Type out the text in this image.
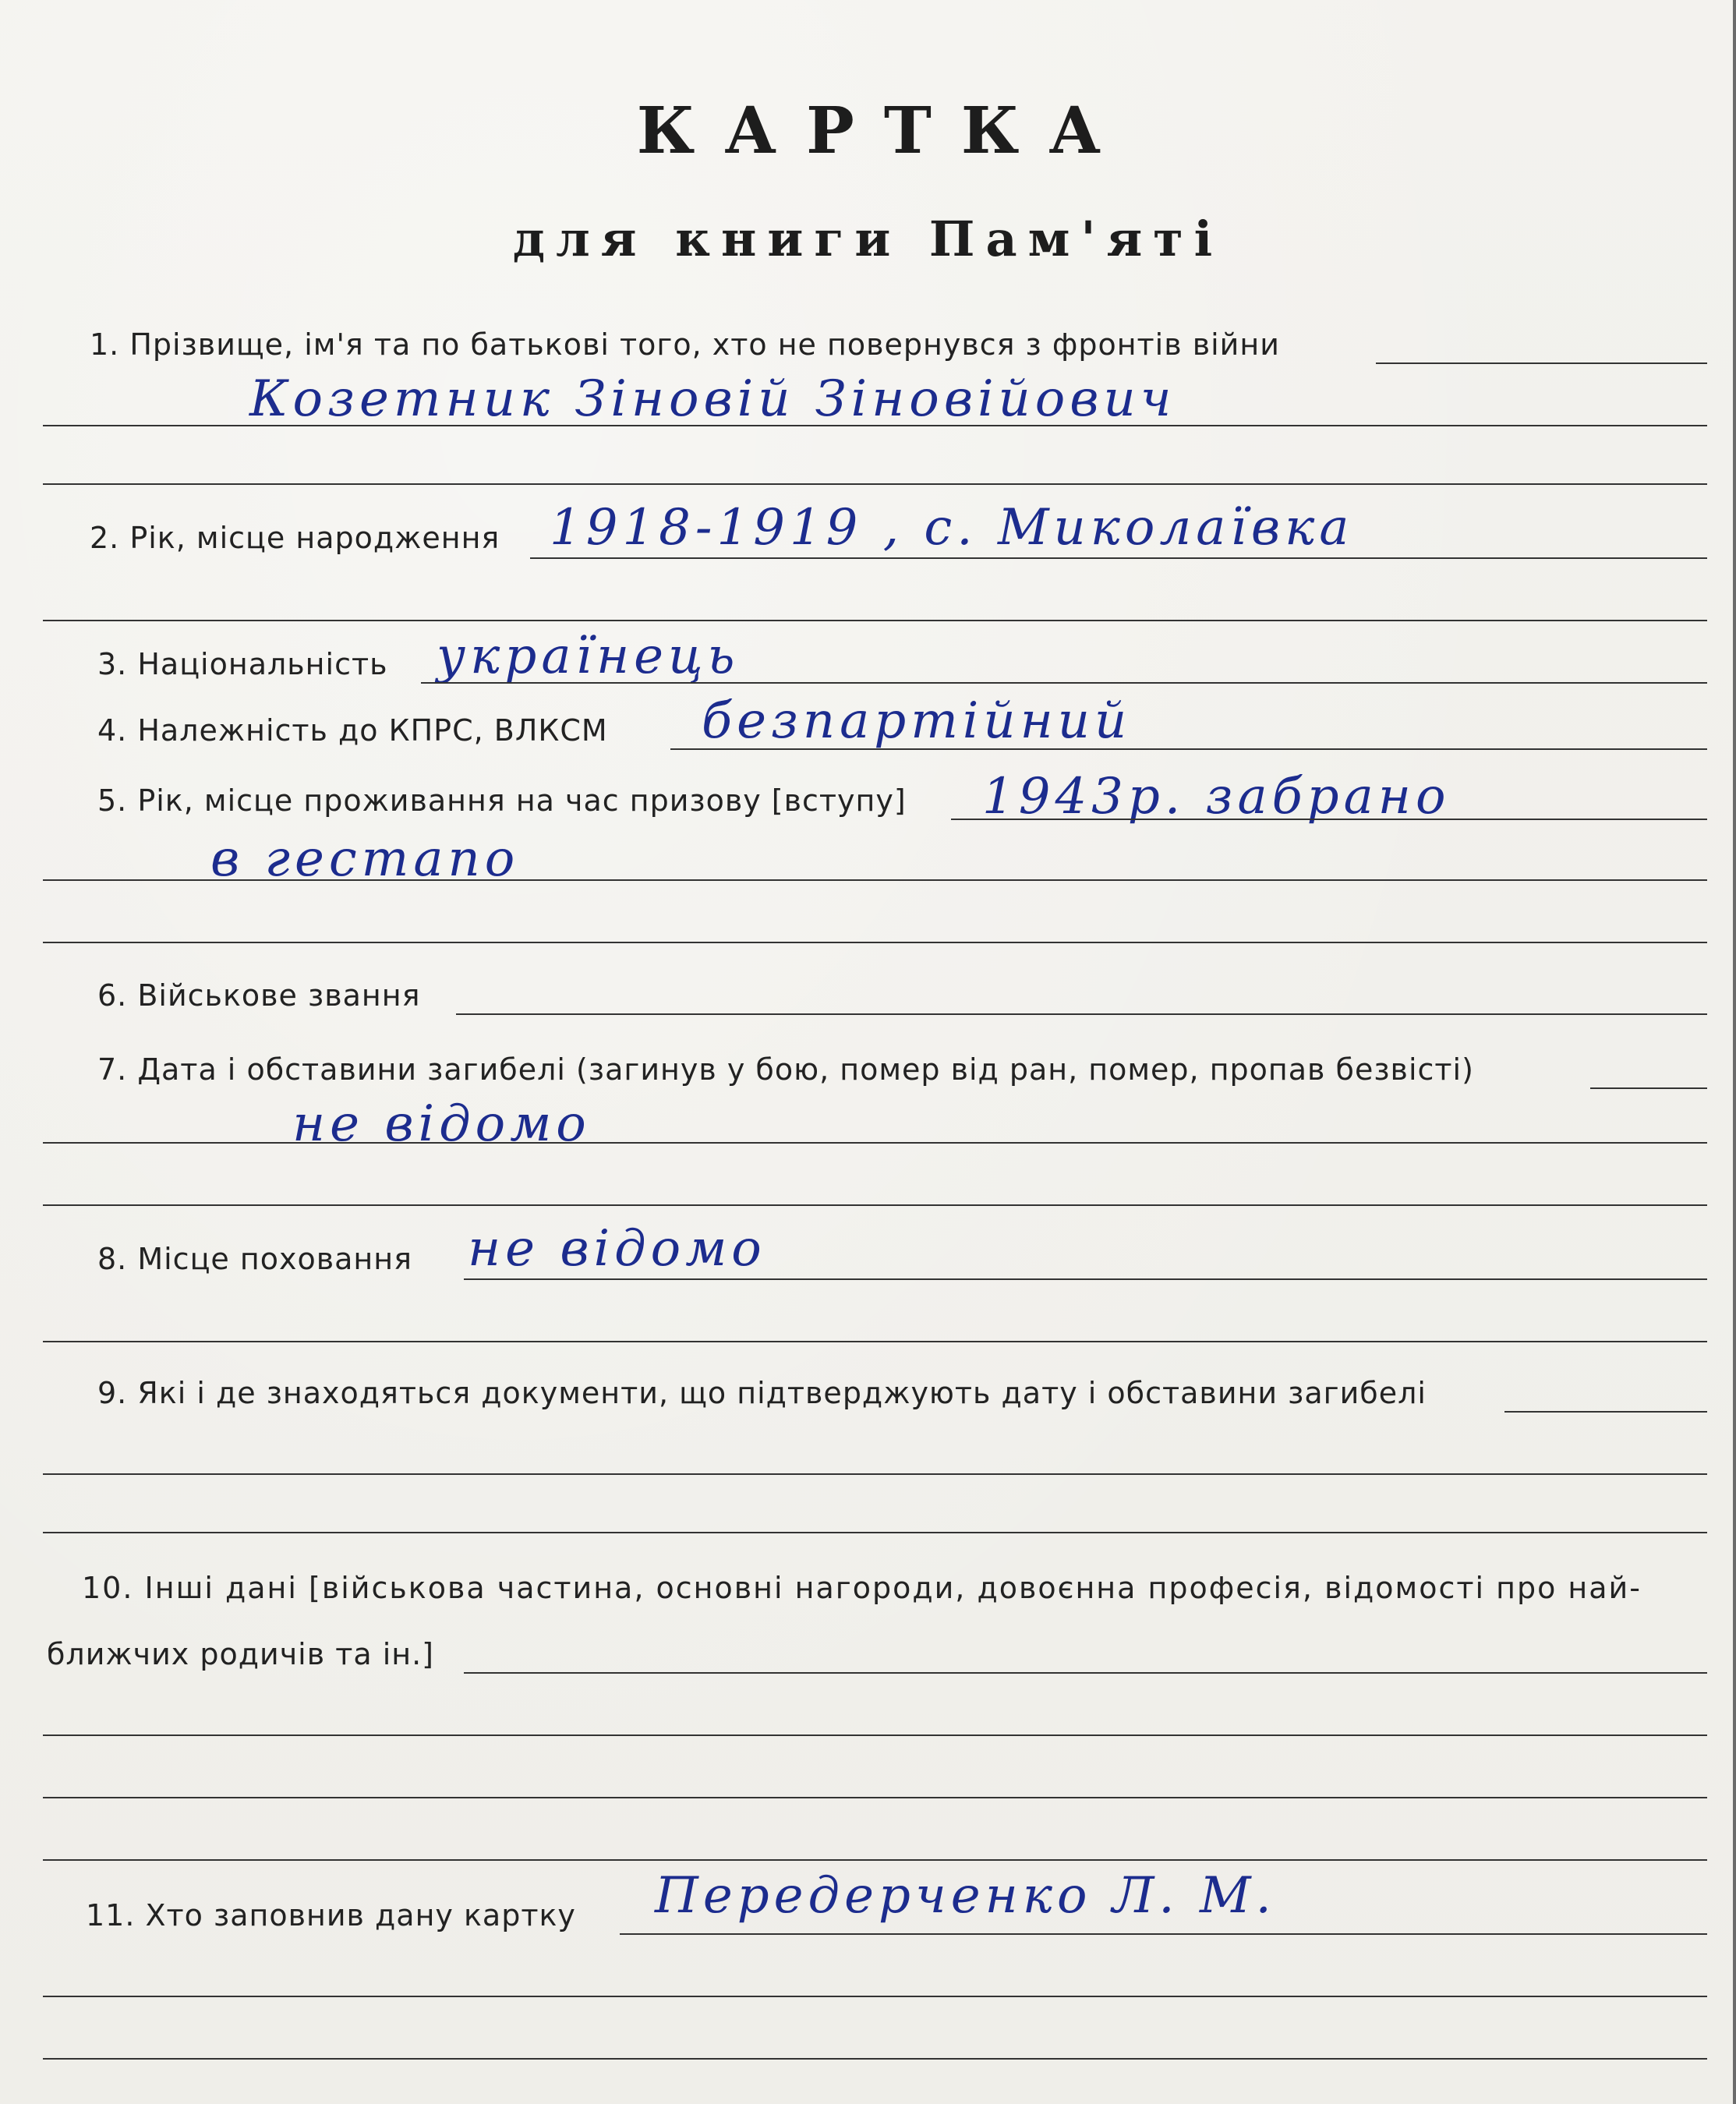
КАРТКА
для книги Пам'яті
1. Прізвище, ім'я та по батькові того, хто не повернувся з фронтів війни
Козетник Зіновій Зіновійович
2. Рік, місце народження 1918-1919 , с. Миколаївка
3. Національність українець
4. Належність до КПРС, ВЛКСМ безпартійний
5. Рік, місце проживання на час призову [вступу] 1943р. забрано
в гестапо
6. Військове звання
7. Дата і обставини загибелі (загинув у бою, помер від ран, помер, пропав безвісті)
не відомо
8. Місце поховання не відомо
9. Які і де знаходяться документи, що підтверджують дату і обставини загибелі
10. Інші дані [військова частина, основні нагороди, довоєнна професія, відомості про най-
ближчих родичів та ін.]
11. Хто заповнив дану картку Передерченко Л. М.
